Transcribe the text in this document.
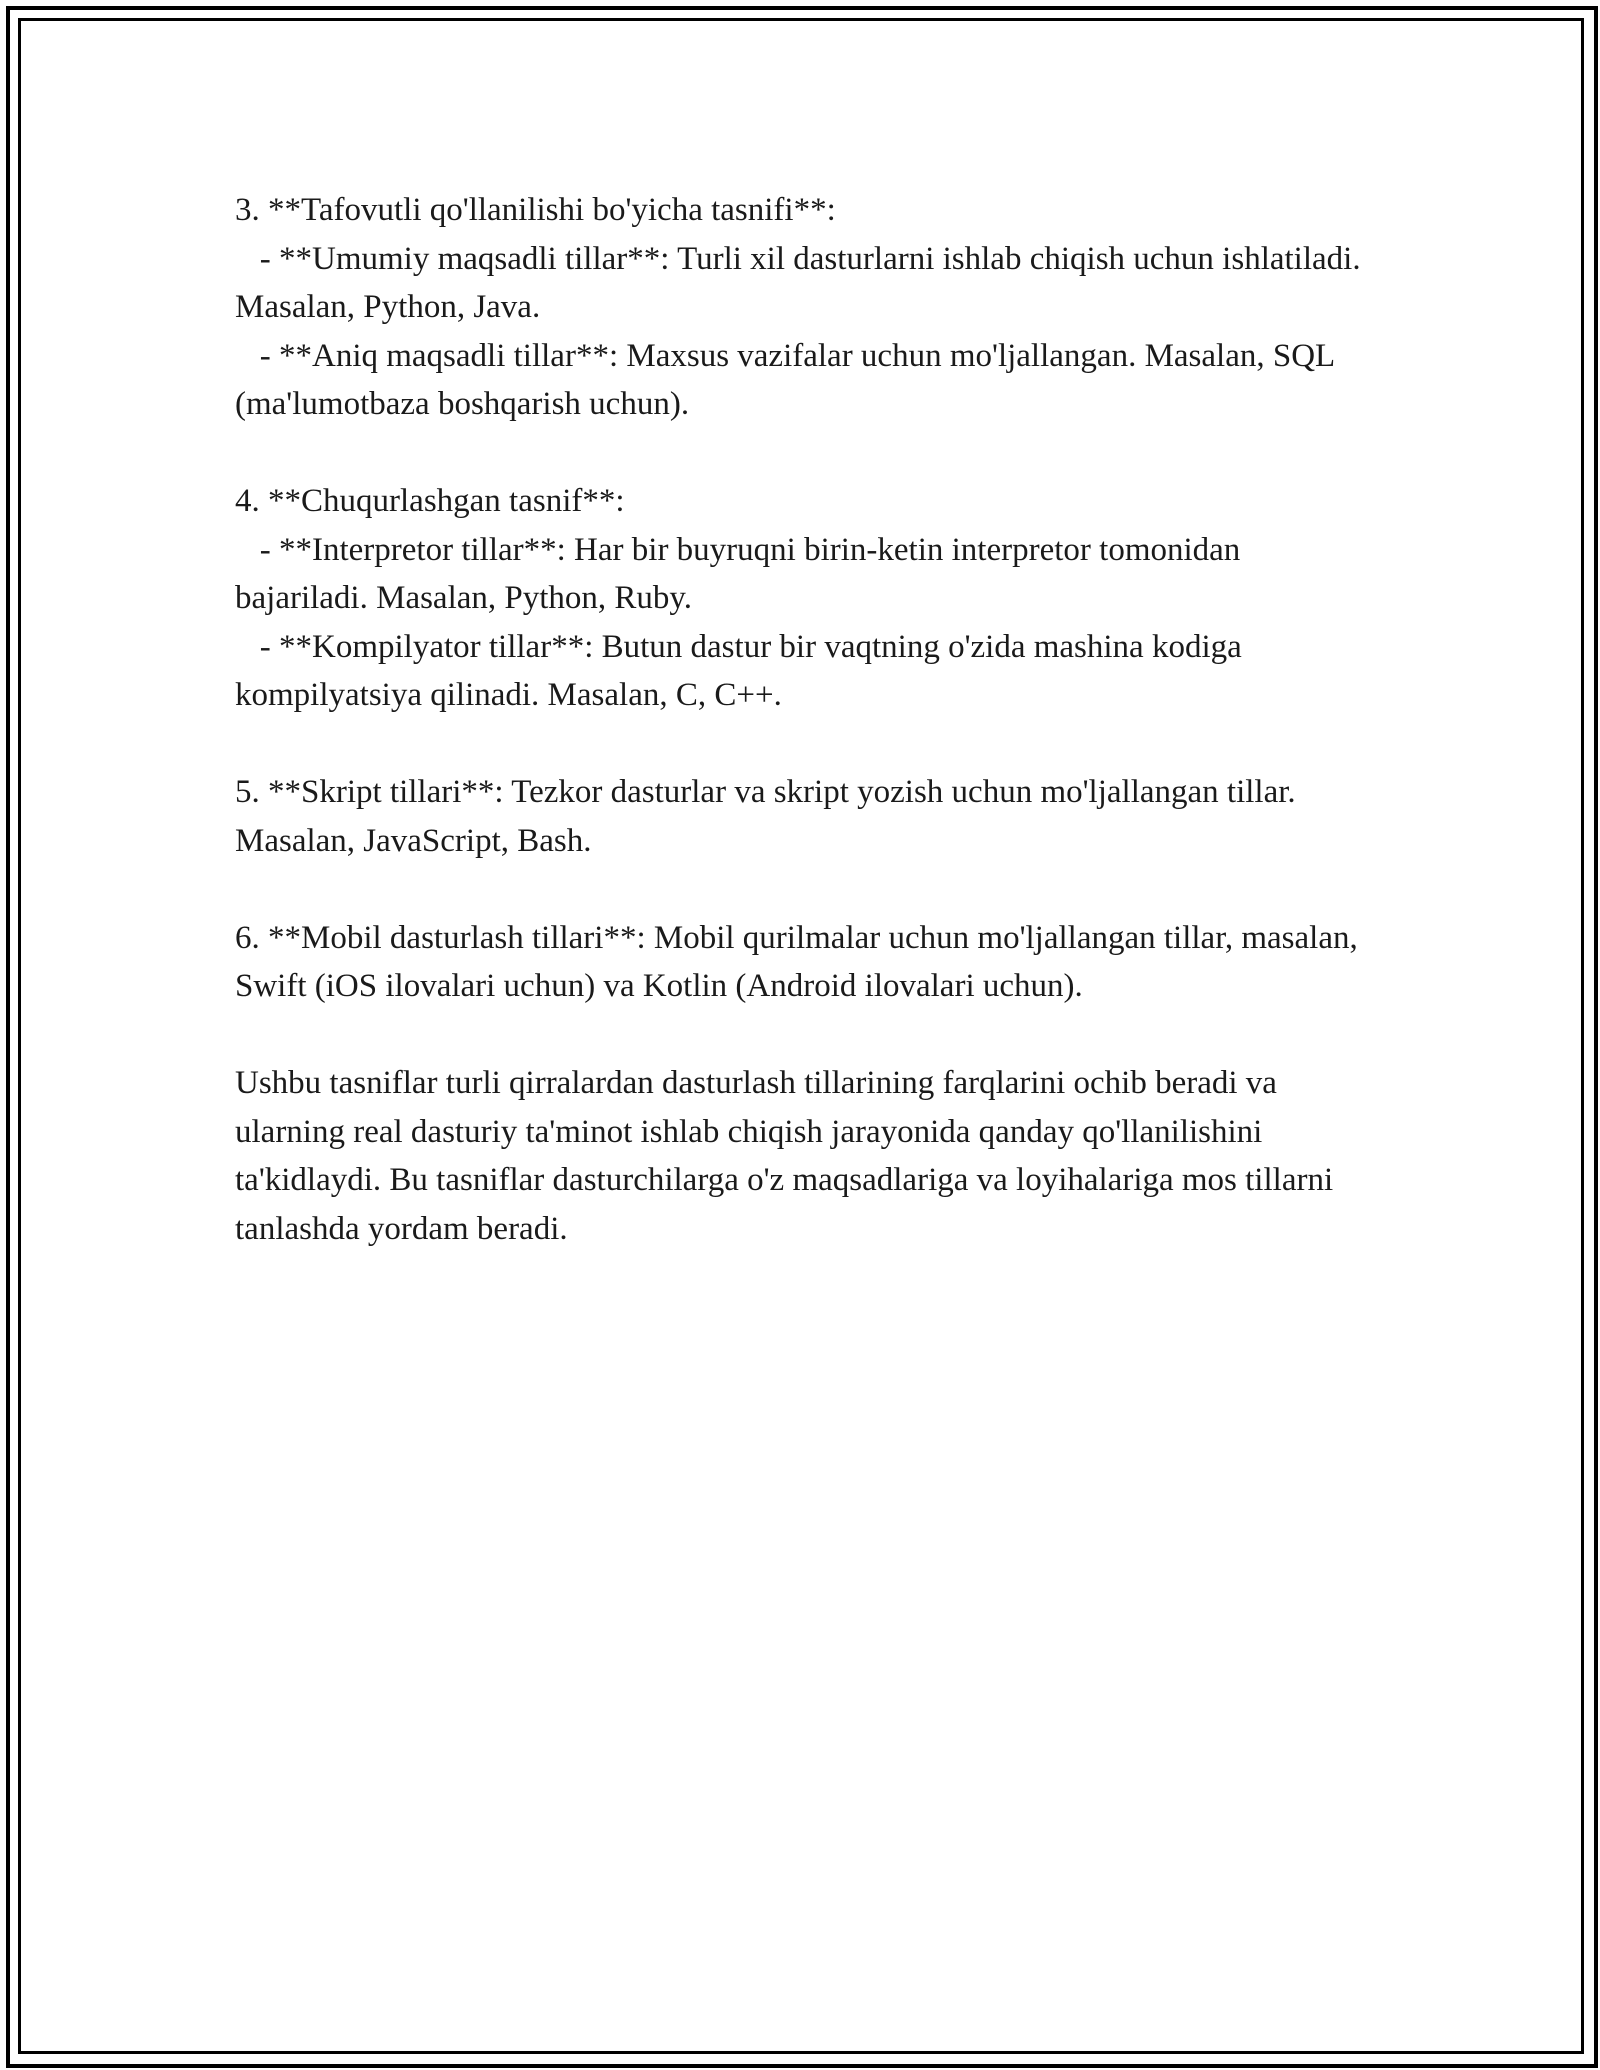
3. **Tafovutli qo'llanilishi bo'yicha tasnifi**:

- **Umumiy maqsadli tillar**: Turli xil dasturlarni ishlab chiqish uchun ishlatiladi. Masalan, Python, Java.

- **Aniq maqsadli tillar**: Maxsus vazifalar uchun mo'ljallangan. Masalan, SQL (ma'lumotbaza boshqarish uchun).

4. **Chuqurlashgan tasnif**:

- **Interpretor tillar**: Har bir buyruqni birin-ketin interpretor tomonidan bajariladi. Masalan, Python, Ruby.

- **Kompilyator tillar**: Butun dastur bir vaqtning o'zida mashina kodiga kompilyatsiya qilinadi. Masalan, C, C++.

5. **Skript tillari**: Tezkor dasturlar va skript yozish uchun mo'ljallangan tillar. Masalan, JavaScript, Bash.

6. **Mobil dasturlash tillari**: Mobil qurilmalar uchun mo'ljallangan tillar, masalan, Swift (iOS ilovalari uchun) va Kotlin (Android ilovalari uchun).

Ushbu tasniflar turli qirralardan dasturlash tillarining farqlarini ochib beradi va ularning real dasturiy ta'minot ishlab chiqish jarayonida qanday qo'llanilishini ta'kidlaydi. Bu tasniflar dasturchilarga o'z maqsadlariga va loyihalariga mos tillarni tanlashda yordam beradi.
